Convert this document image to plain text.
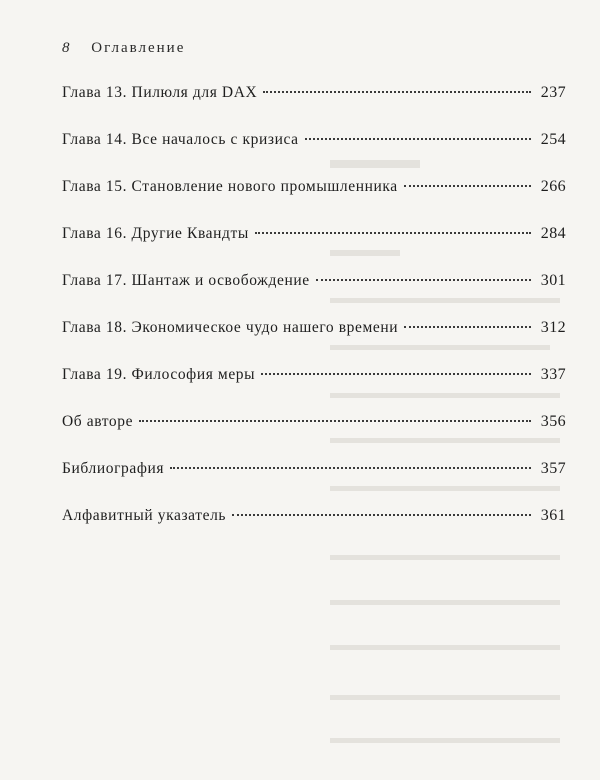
8 Оглавление
Глава 13. Пилюля для DAX	237
Глава 14. Все началось с кризиса	254
Глава 15. Становление нового промышленника	266
Глава 16. Другие Квандты	284
Глава 17. Шантаж и освобождение	301
Глава 18. Экономическое чудо нашего времени	312
Глава 19. Философия меры	337
Об авторе	356
Библиография	357
Алфавитный указатель	361
